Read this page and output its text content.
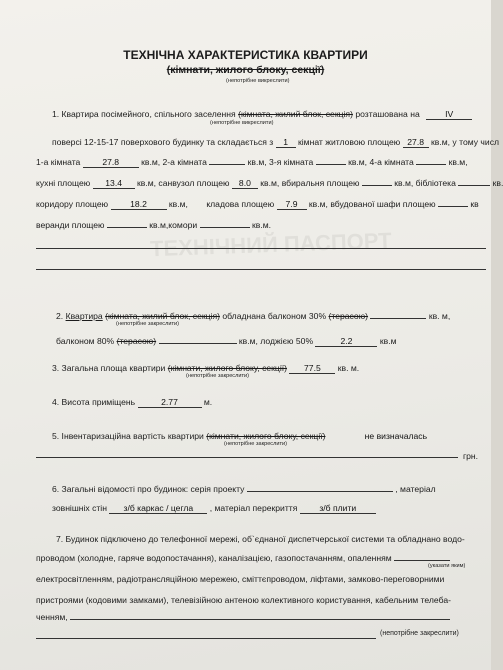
ТЕХНІЧНИЙ ПАСПОРТ
ТЕХНІЧНА ХАРАКТЕРИСТИКА КВАРТИРИ
(кімнати, жилого блоку, секції)
(непотрібне викреслити)
1. Квартира посімейного, спільного заселення (кімната, жилий блок, секція) розташована на	IV
(непотрібне викреслити)
поверсі 12-15-17 поверхового будинку та складається з 1 кімнат житловою площею 27.8 кв.м, у тому числ
1-а кімната	27.8	кв.м, 2-а кімната	кв.м, 3-я кімната	кв.м, 4-а кімната	кв.м,
кухні площею 13.4 кв.м, санвузол площею 8.0 кв.м, вбиральня площею	кв.м, бібліотека	кв.
коридору площею	18.2	кв.м, кладова площею 7.9 кв.м, вбудованої шафи площею	кв
веранди площею	кв.м,комори	кв.м.
2. Квартира (кімната, жилий блок, секція) обладнана балконом 30% (терасою)	кв. м,
(непотрібне закреслити)
балконом 80% (терасою)	кв.м, лоджією 50%	2.2	кв.м
3. Загальна площа квартири (кімнати, жилого блоку, секції) 77.5 кв. м.
(непотрібне закреслити)
4. Висота приміщень	2.77	м.
5. Інвентаризаційна вартість квартири (кімнати, жилого блоку, секції)	не визначалась
(непотрібне закреслити)
грн.
6. Загальні відомості про будинок: серія проекту	, матеріал
зовнішніх стін з/б каркас / цегла , матеріал перекриття	з/б плити
7. Будинок підключено до телефонної мережі, об`єднаної диспетчерської системи та обладнано водо-
проводом (холодне, гаряче водопостачання), каналізацією, газопостачанням, опаленням
(указати яким)
електросвітленням, радіотрансляційною мережею, сміттєпроводом, ліфтами, замково-переговорними
пристроями (кодовими замками), телевізійною антеною колективного користування, кабельним телеба-
ченням,
(непотрібне закреслити)
